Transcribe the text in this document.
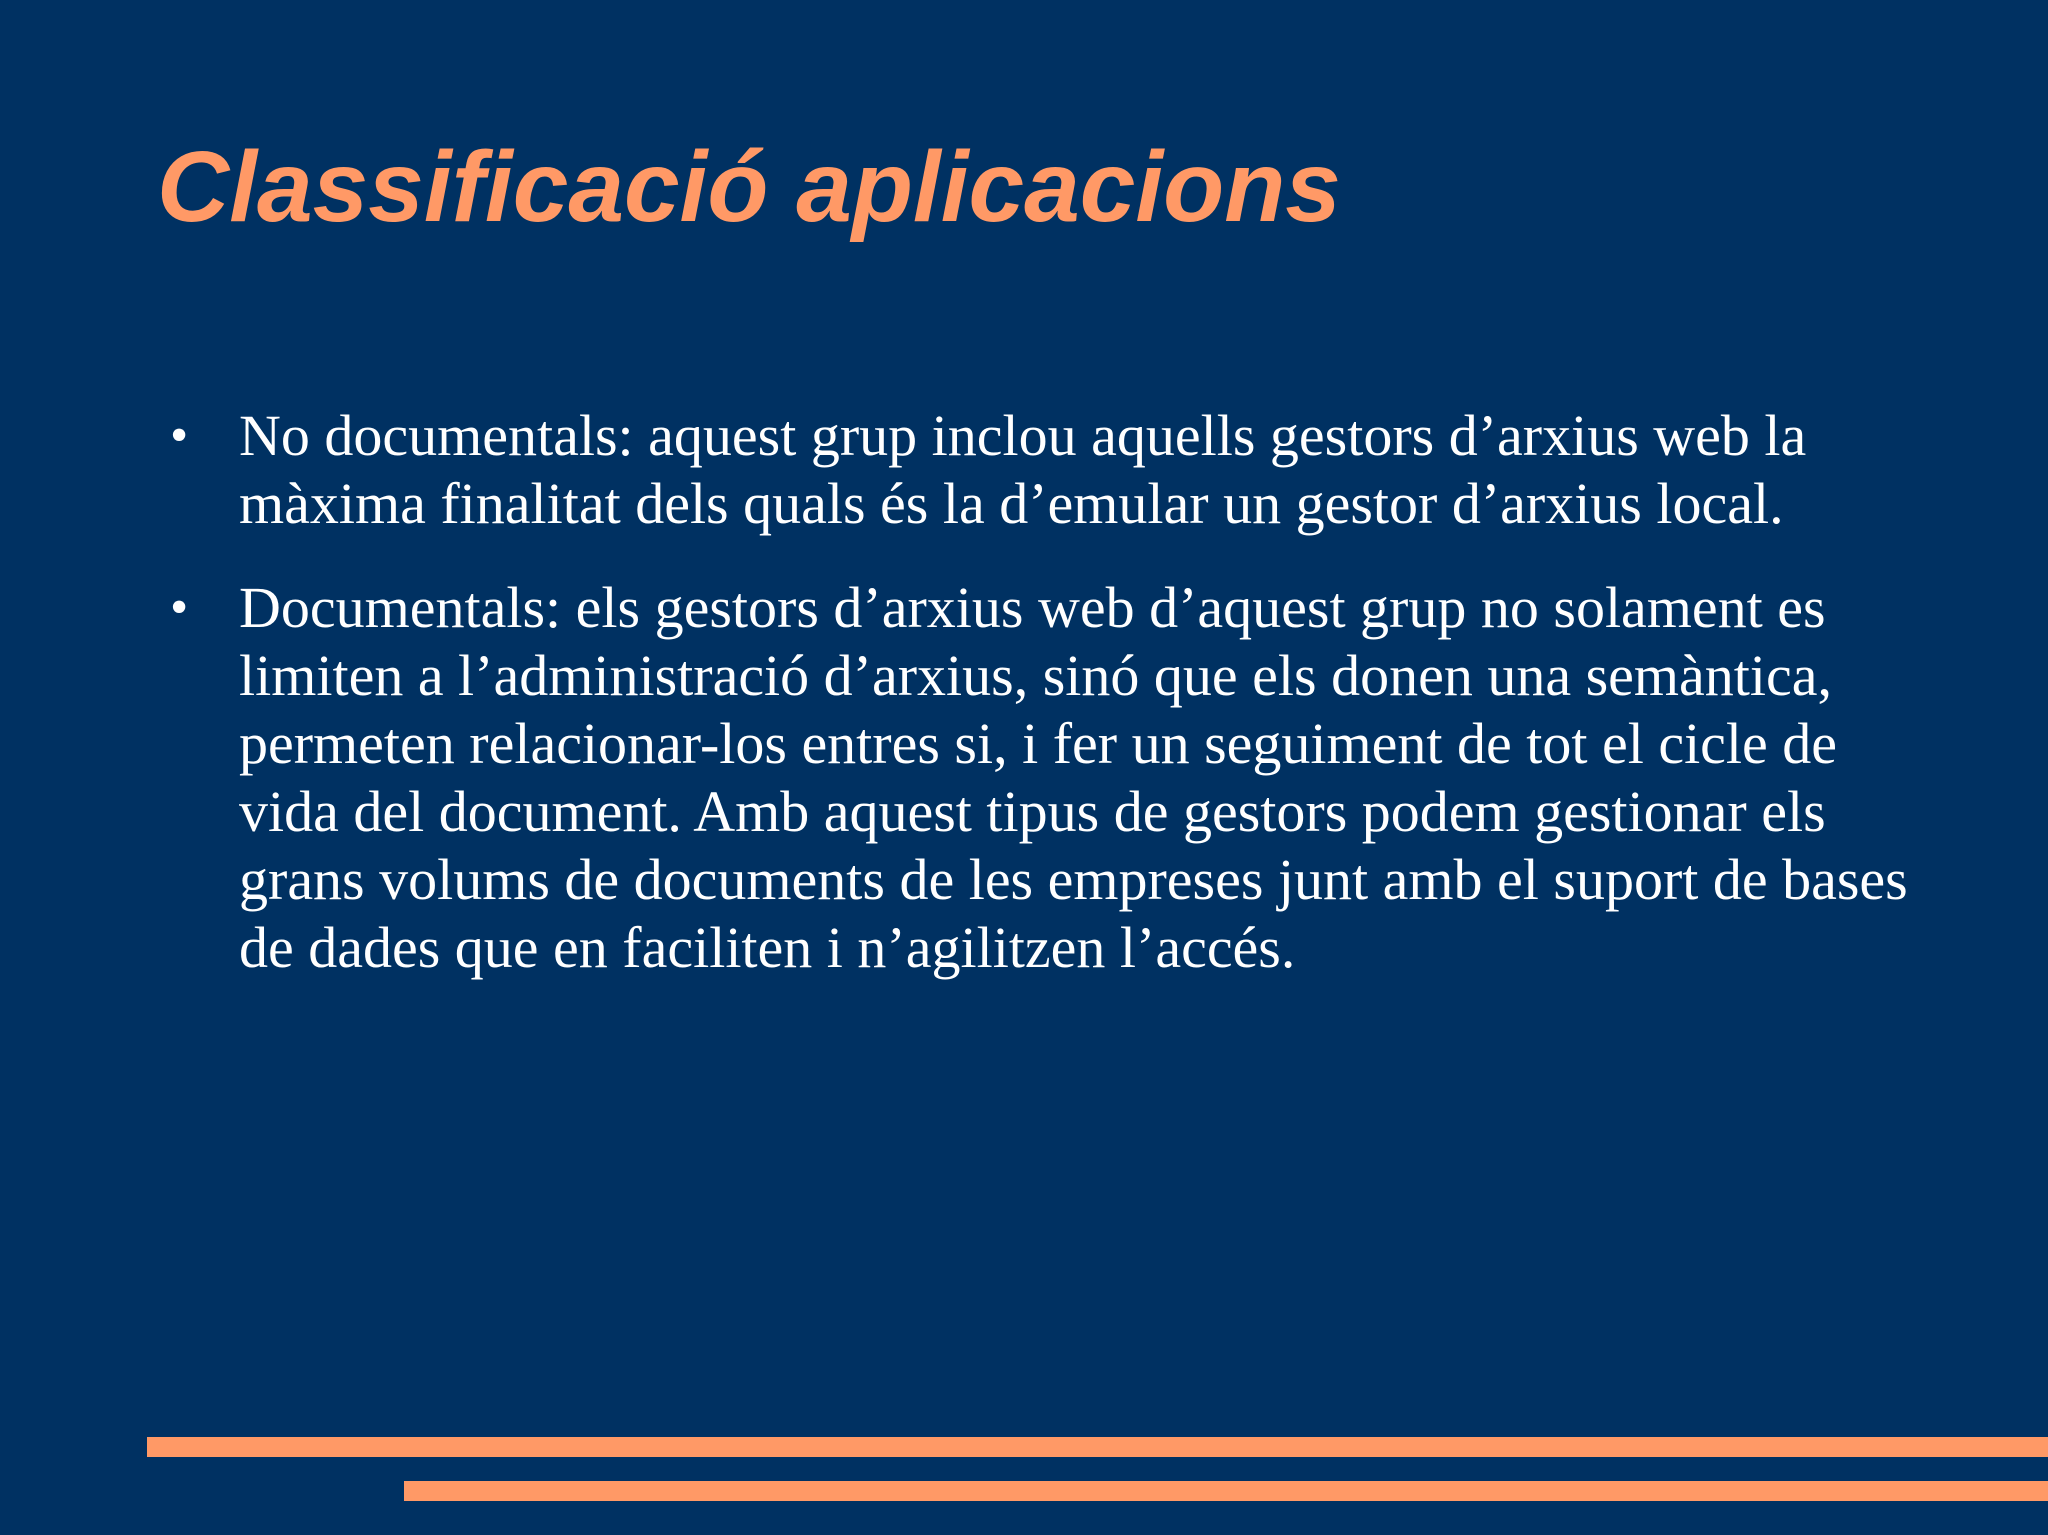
Classificació aplicacions
• No documentals: aquest grup inclou aquells gestors d’arxius web la màxima finalitat dels quals és la d’emular un gestor d’arxius local.
• Documentals: els gestors d’arxius web d’aquest grup no solament es limiten a l’administració d’arxius, sinó que els donen una semàntica, permeten relacionar-los entres si, i fer un seguiment de tot el cicle de vida del document. Amb aquest tipus de gestors podem gestionar els grans volums de documents de les empreses junt amb el suport de bases de dades que en faciliten i n’agilitzen l’accés.
